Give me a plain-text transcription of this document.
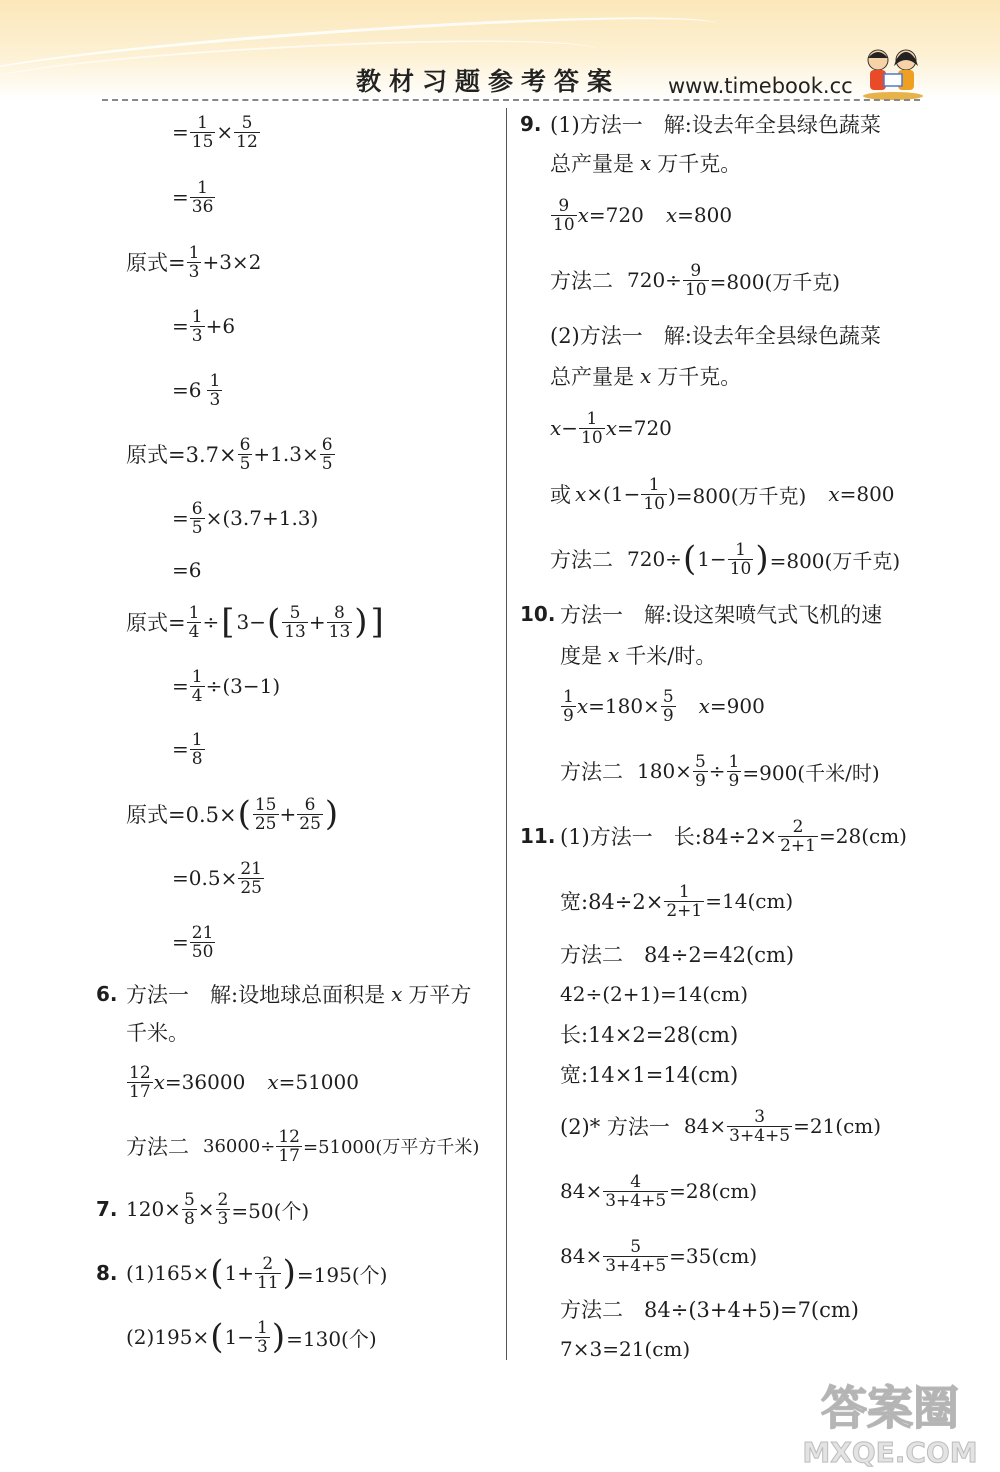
教材习题参考答案 www.timebook.cc
= $\frac{1}{15} \times \frac{5}{12}$
= $\frac{1}{36}$
原式= $\frac{1}{3} +3\times 2$
= $\frac{1}{3} +6$
=6 1
3
原式$=3.7\times \frac{6}{5} +1.3\times \frac{6}{5}$
= $\frac{6}{5} \times(3.7+1.3)$
=6
原式= $\frac{1}{4}$ ÷ [ 3− ( 5
$13 + \frac{8}{13}$ ) ]
= $\frac{1}{4} \div(3-1)$
= $\frac{1}{8}$
原式=0.5× ( 15
$25 + \frac{6}{25}$ )
$=0.5\times \frac{21}{25}$
= $\frac{21}{50}$
6. 方法一　解:设地球总面积是 x 万平方
千米。
12
17 x =36000 x =51000
方法二 $36000\div \frac{12}{17} =51000$(万平方千米)
7. $120\times \frac{5}{8} \times \frac{2}{3} =50$(个)
8. (1)165× ( $1+ \frac{2}{11}$ ) =195(个)
(2)195× ( $1- \frac{1}{3}$ ) =130(个)
9. (1)方法一　解:设去年全县绿色蔬菜
总产量是 x 万千克。
9
10 x =720 x =800
方法二 $720\div \frac{9}{10} =800$(万千克)
(2)方法一　解:设去年全县绿色蔬菜
总产量是 x 万千克。
$x - \frac{1}{10}$ x =720
或 $x \times(1- \frac{1}{10} )=800$(万千克) x =800
方法二 720÷ ( $1- \frac{1}{10}$ ) =800(万千克)
10. 方法一　解:设这架喷气式飞机的速
度是 x 千米/时。
1
9 $x =180\times \frac{5}{9}$ x =900
方法二 $180\times \frac{5}{9} \div \frac{1}{9} =900$(千米/时)
11. (1)方法一　长:84÷2× $\frac{2}{2+1} =28(cm)$
宽:84÷2× $\frac{1}{2+1} =14(cm)$
方法二　84÷2=42(cm)
42÷(2+1)=14(cm)
长:14×2=28(cm)
宽:14×1=14(cm)
(2)* 方法一 $84\times \frac{3}{3+4+5} =21(cm)$
$84\times \frac{4}{3+4+5} =28(cm)$
$84\times \frac{5}{3+4+5} =35(cm)$
方法二　84÷(3+4+5)=7(cm)
7×3=21(cm)
答案圈
MXQE.COM
